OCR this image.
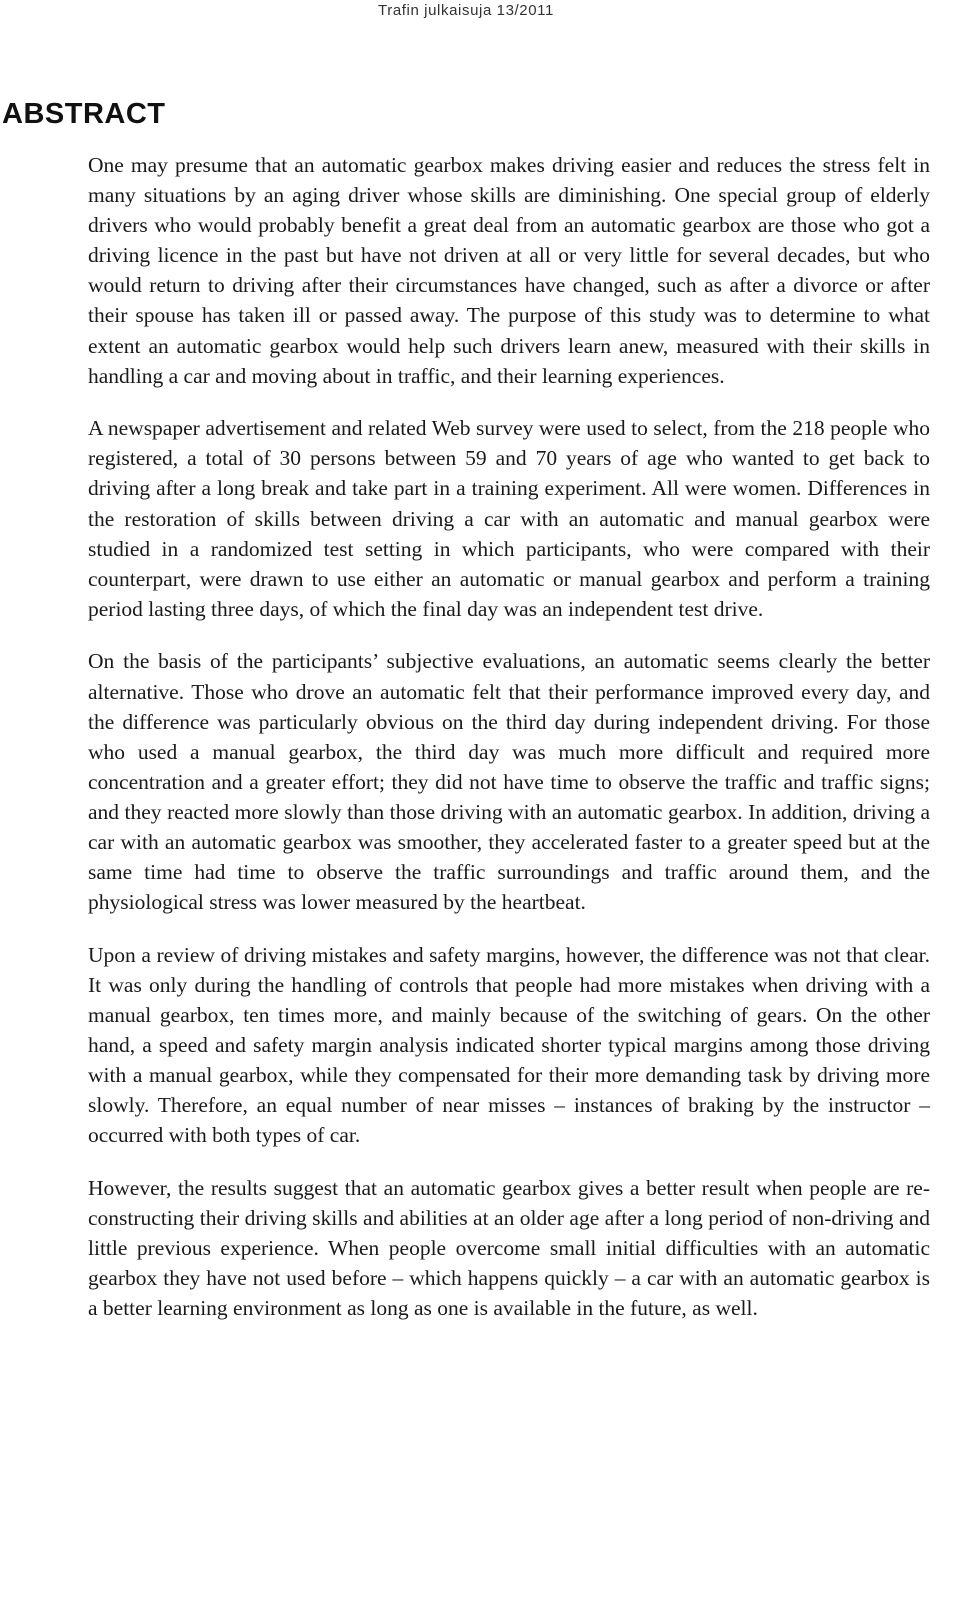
Trafin julkaisuja 13/2011
ABSTRACT

One may presume that an automatic gearbox makes driving easier and reduces the stress felt in many situations by an aging driver whose skills are diminishing. One special group of elderly drivers who would probably benefit a great deal from an automatic gearbox are those who got a driving licence in the past but have not driven at all or very little for several decades, but who would return to driving after their circumstances have changed, such as after a divorce or after their spouse has taken ill or passed away. The purpose of this study was to determine to what extent an automatic gearbox would help such drivers learn anew, measured with their skills in handling a car and moving about in traffic, and their learning experiences.

A newspaper advertisement and related Web survey were used to select, from the 218 people who registered, a total of 30 persons between 59 and 70 years of age who wanted to get back to driving after a long break and take part in a training experiment. All were women. Differences in the restoration of skills between driving a car with an automatic and manual gearbox were studied in a randomized test setting in which participants, who were compared with their counterpart, were drawn to use either an automatic or manual gearbox and perform a training period lasting three days, of which the final day was an independent test drive.

On the basis of the participants’ subjective evaluations, an automatic seems clearly the better alternative. Those who drove an automatic felt that their performance improved every day, and the difference was particularly obvious on the third day during independent driving. For those who used a manual gearbox, the third day was much more difficult and required more concentration and a greater effort; they did not have time to observe the traffic and traffic signs; and they reacted more slowly than those driving with an automatic gearbox. In addition, driving a car with an automatic gearbox was smoother, they accelerated faster to a greater speed but at the same time had time to observe the traffic surroundings and traffic around them, and the physiological stress was lower measured by the heartbeat.

Upon a review of driving mistakes and safety margins, however, the difference was not that clear. It was only during the handling of controls that people had more mistakes when driving with a manual gearbox, ten times more, and mainly because of the switching of gears. On the other hand, a speed and safety margin analysis indicated shorter typical margins among those driving with a manual gearbox, while they compensated for their more demanding task by driving more slowly. Therefore, an equal number of near misses – instances of braking by the instructor – occurred with both types of car.

However, the results suggest that an automatic gearbox gives a better result when people are re-constructing their driving skills and abilities at an older age after a long period of non-driving and little previous experience. When people overcome small initial difficulties with an automatic gearbox they have not used before – which happens quickly – a car with an automatic gearbox is a better learning environment as long as one is available in the future, as well.
